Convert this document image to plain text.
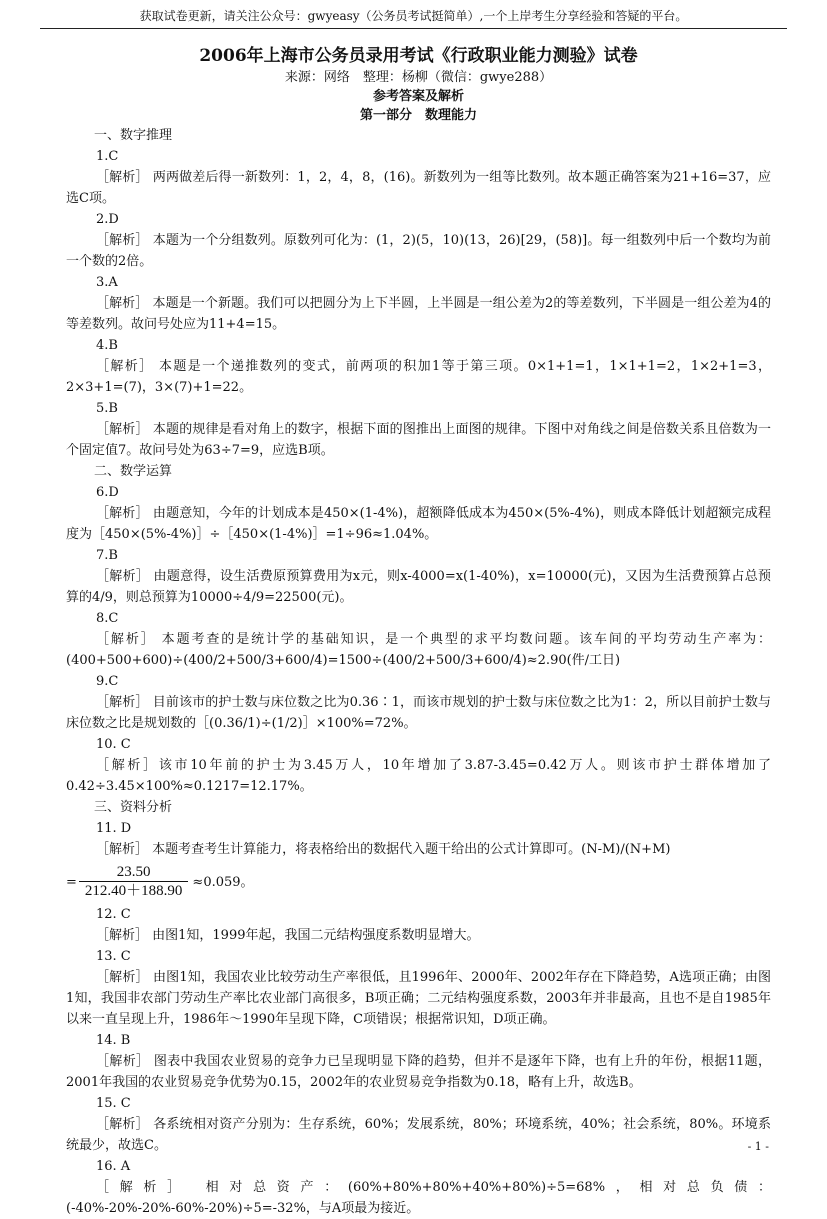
获取试卷更新，请关注公众号：gwyeasy（公务员考试挺简单）,一个上岸考生分享经验和答疑的平台。
2006年上海市公务员录用考试《行政职业能力测验》试卷
来源：网络　整理：杨柳（微信：gwye288）
参考答案及解析
第一部分　数理能力
一、数字推理
1.C
［解析］ 两两做差后得一新数列：1，2，4，8，(16)。新数列为一组等比数列。故本题正确答案为21+16=37，应选C项。
2.D
［解析］ 本题为一个分组数列。原数列可化为：(1，2)(5，10)(13，26)[29，(58)]。每一组数列中后一个数均为前一个数的2倍。
3.A
［解析］ 本题是一个新题。我们可以把圆分为上下半圆，上半圆是一组公差为2的等差数列，下半圆是一组公差为4的等差数列。故问号处应为11+4=15。
4.B
［解析］ 本题是一个递推数列的变式，前两项的积加1等于第三项。0×1+1=1，1×1+1=2，1×2+1=3，2×3+1=(7)，3×(7)+1=22。
5.B
［解析］ 本题的规律是看对角上的数字，根据下面的图推出上面图的规律。下图中对角线之间是倍数关系且倍数为一个固定值7。故问号处为63÷7=9，应选B项。
二、数学运算
6.D
［解析］ 由题意知，今年的计划成本是450×(1-4%)，超额降低成本为450×(5%-4%)，则成本降低计划超额完成程度为［450×(5%-4%)］÷［450×(1-4%)］=1÷96≈1.04%。
7.B
［解析］ 由题意得，设生活费原预算费用为x元，则x-4000=x(1-40%)，x=10000(元)，又因为生活费预算占总预算的4/9，则总预算为10000÷4/9=22500(元)。
8.C
［解析］ 本题考查的是统计学的基础知识，是一个典型的求平均数问题。该车间的平均劳动生产率为：(400+500+600)÷(400/2+500/3+600/4)=1500÷(400/2+500/3+600/4)≈2.90(件/工日)
9.C
［解析］ 目前该市的护士数与床位数之比为0.36∶1，而该市规划的护士数与床位数之比为1：2，所以目前护士数与床位数之比是规划数的［(0.36/1)÷(1/2)］×100%=72%。
10. C
［解析］该市10年前的护士为3.45万人，10年增加了3.87-3.45=0.42万人。则该市护士群体增加了0.42÷3.45×100%≈0.1217=12.17%。
三、资料分析
11. D
［解析］ 本题考查考生计算能力，将表格给出的数据代入题干给出的公式计算即可。(N-M)/(N+M)
= $\frac{23.50}{212.40+188.90} \approx 0.059$。
12. C
［解析］ 由图1知，1999年起，我国二元结构强度系数明显增大。
13. C
［解析］ 由图1知，我国农业比较劳动生产率很低，且1996年、2000年、2002年存在下降趋势，A选项正确；由图1知，我国非农部门劳动生产率比农业部门高很多，B项正确；二元结构强度系数，2003年并非最高，且也不是自1985年以来一直呈现上升，1986年～1990年呈现下降，C项错误；根据常识知，D项正确。
14. B
［解析］ 图表中我国农业贸易的竞争力已呈现明显下降的趋势，但并不是逐年下降，也有上升的年份，根据11题，2001年我国的农业贸易竞争优势为0.15，2002年的农业贸易竞争指数为0.18，略有上升，故选B。
15. C
［解析］ 各系统相对资产分别为：生存系统，60%；发展系统，80%；环境系统，40%；社会系统，80%。环境系统最少，故选C。
16. A
［解析］ 相对总资产：(60%+80%+80%+40%+80%)÷5=68%，相对总负债：(-40%-20%-20%-60%-20%)÷5=-32%，与A项最为接近。
- 1 -
